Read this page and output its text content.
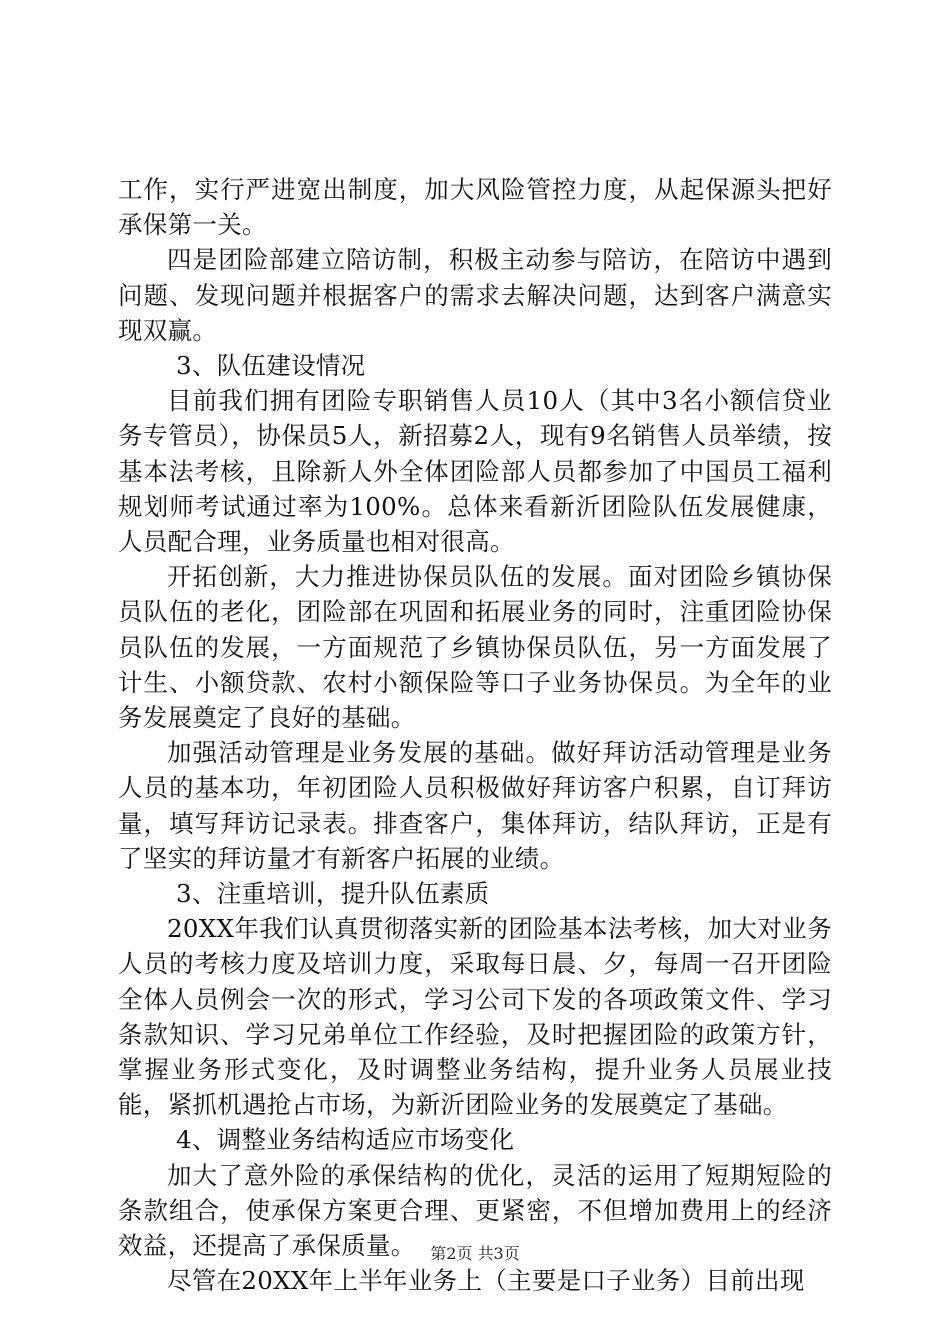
工作，实行严进宽出制度，加大风险管控力度，从起保源头把好承保第一关。

四是团险部建立陪访制，积极主动参与陪访，在陪访中遇到问题、发现问题并根据客户的需求去解决问题，达到客户满意实现双赢。

3、队伍建设情况

目前我们拥有团险专职销售人员10人（其中3名小额信贷业务专管员），协保员5人，新招募2人，现有9名销售人员举绩，按基本法考核，且除新人外全体团险部人员都参加了中国员工福利规划师考试通过率为100%。总体来看新沂团险队伍发展健康，人员配合理，业务质量也相对很高。

开拓创新，大力推进协保员队伍的发展。面对团险乡镇协保员队伍的老化，团险部在巩固和拓展业务的同时，注重团险协保员队伍的发展，一方面规范了乡镇协保员队伍，另一方面发展了计生、小额贷款、农村小额保险等口子业务协保员。为全年的业务发展奠定了良好的基础。

加强活动管理是业务发展的基础。做好拜访活动管理是业务人员的基本功，年初团险人员积极做好拜访客户积累，自订拜访量，填写拜访记录表。排查客户，集体拜访，结队拜访，正是有了坚实的拜访量才有新客户拓展的业绩。

3、注重培训，提升队伍素质

20XX年我们认真贯彻落实新的团险基本法考核，加大对业务人员的考核力度及培训力度，采取每日晨、夕，每周一召开团险全体人员例会一次的形式，学习公司下发的各项政策文件、学习条款知识、学习兄弟单位工作经验，及时把握团险的政策方针，掌握业务形式变化，及时调整业务结构，提升业务人员展业技能，紧抓机遇抢占市场，为新沂团险业务的发展奠定了基础。

4、调整业务结构适应市场变化

加大了意外险的承保结构的优化，灵活的运用了短期短险的条款组合，使承保方案更合理、更紧密，不但增加费用上的经济效益，还提高了承保质量。

尽管在20XX年上半年业务上（主要是口子业务）目前出现

第2页 共3页
